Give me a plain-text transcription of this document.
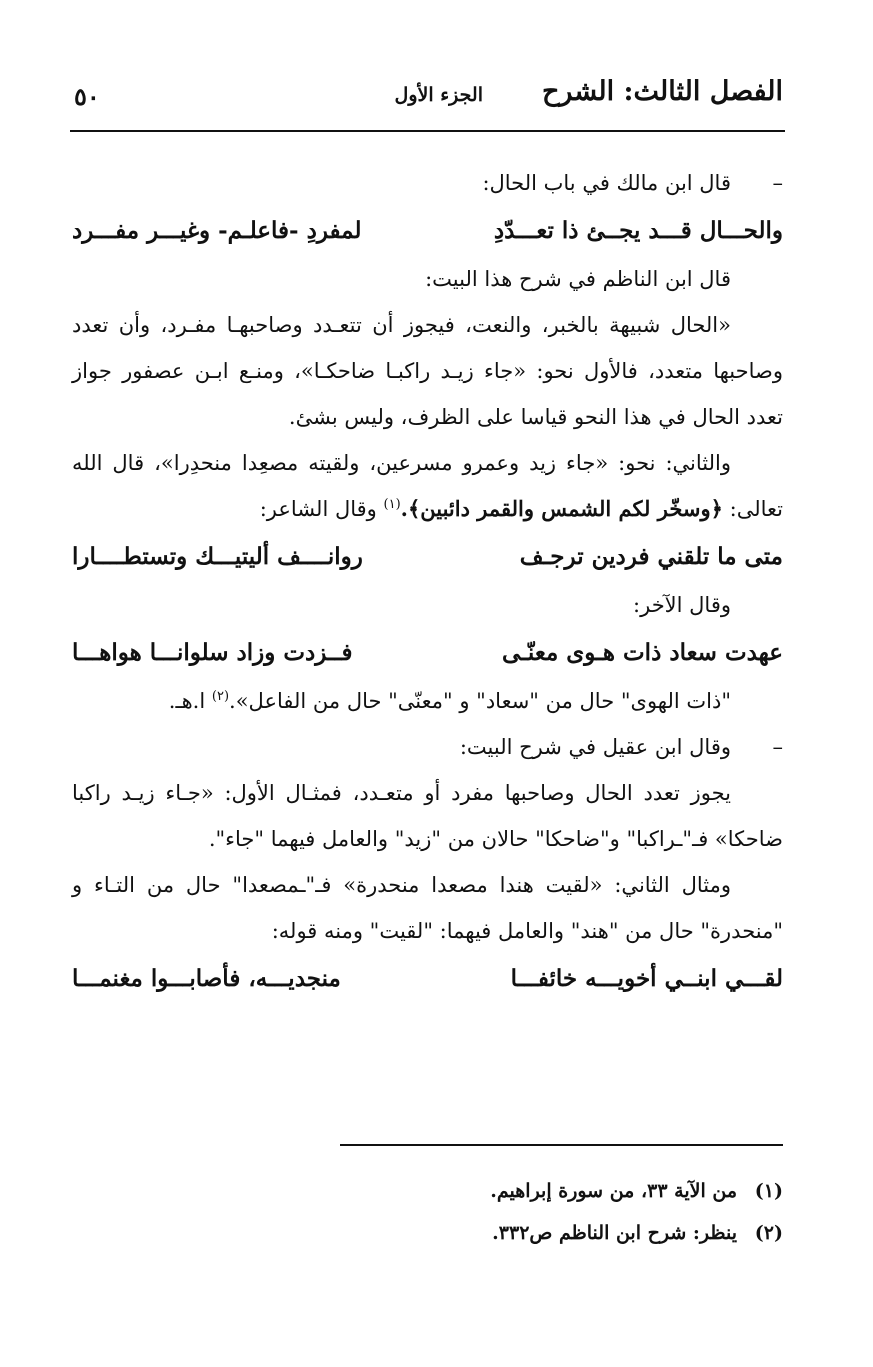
الفصل الثالث: الشرح
الجزء الأول
٥٠

–قال ابن مالك في باب الحال:

والحـــال قـــد يجــئ ذا تعـــدّدِ
لمفردِ -فاعلـم- وغيـــر مفـــرد

قال ابن الناظم في شرح هذا البيت:

«الحال شبيهة بالخبر، والنعت، فيجوز أن تتعـدد وصاحبهـا مفـرد، وأن تعدد وصاحبها متعدد، فالأول نحو: «جاء زيـد راكبـا ضاحكـا»، ومنـع ابـن عصفور جواز تعدد الحال في هذا النحو قياسا على الظرف، وليس بشئ.

والثاني: نحو: «جاء زيد وعمرو مسرعين، ولقيته مصعِدا منحدِرا»، قال الله تعالى: ﴿وسخّر لكم الشمس والقمر دائبين﴾.$^{(١)}$ وقال الشاعر:

متى ما تلقني فردين ترجـف
روانــــف أليتيـــك وتستطــــارا

وقال الآخر:

عهدت سعاد ذات هـوى معنّـى
فــزدت وزاد سلوانـــا هواهـــا

"ذات الهوى" حال من "سعاد" و "معنّى" حال من الفاعل».$^{(٢)}$ ا.هـ.

–وقال ابن عقيل في شرح البيت:

يجوز تعدد الحال وصاحبها مفرد أو متعـدد، فمثـال الأول: «جـاء زيـد راكبا ضاحكا» فـ"ـراكبا" و"ضاحكا" حالان من "زيد" والعامل فيهما "جاء".

ومثال الثاني: «لقيت هندا مصعدا منحدرة» فـ"ـمصعدا" حال من التـاء و "منحدرة" حال من "هند" والعامل فيهما: "لقيت" ومنه قوله:

لقـــي ابنــي أخويـــه خائفـــا
منجديـــه، فأصابـــوا مغنمـــا
(١)من الآية ٣٣، من سورة إبراهيم.
(٢)ينظر: شرح ابن الناظم ص٣٣٢.
